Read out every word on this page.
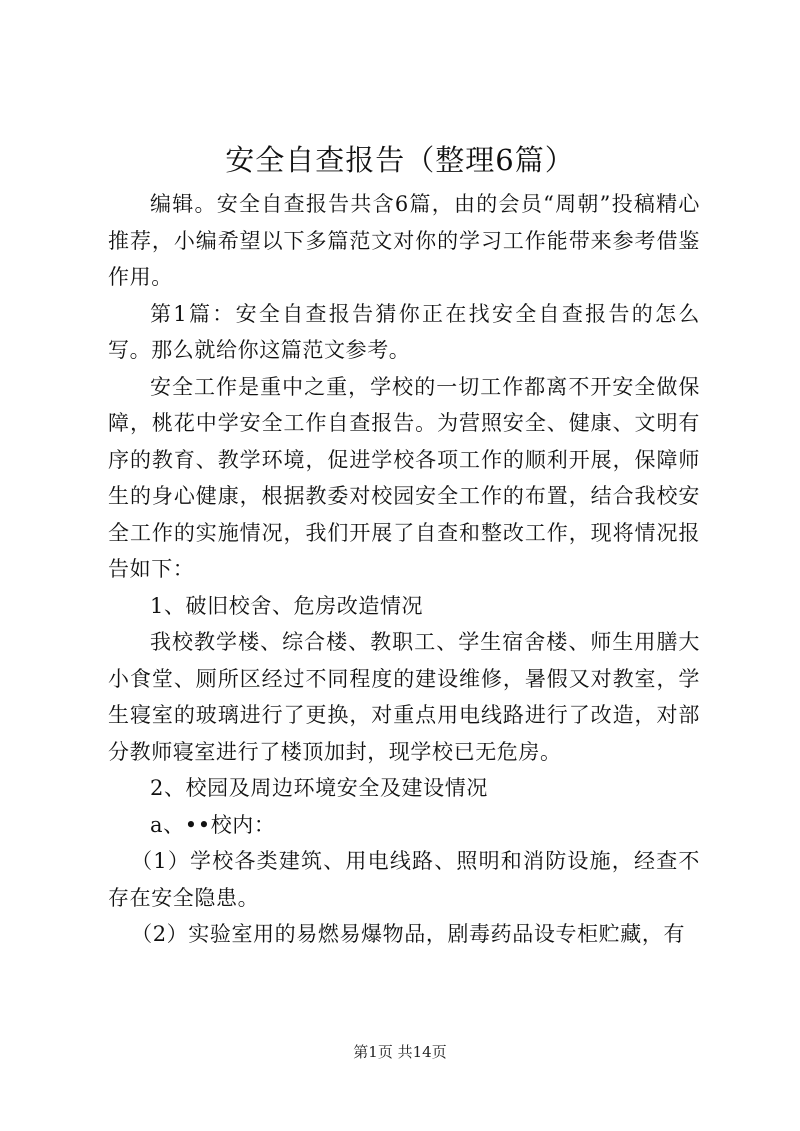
安全自查报告（整理6篇）

编辑。安全自查报告共含6篇，由的会员“周朝”投稿精心推荐，小编希望以下多篇范文对你的学习工作能带来参考借鉴作用。

第1篇：安全自查报告猜你正在找安全自查报告的怎么写。那么就给你这篇范文参考。

安全工作是重中之重，学校的一切工作都离不开安全做保障，桃花中学安全工作自查报告。为营照安全、健康、文明有序的教育、教学环境，促进学校各项工作的顺利开展，保障师生的身心健康，根据教委对校园安全工作的布置，结合我校安全工作的实施情况，我们开展了自查和整改工作，现将情况报告如下：

1、破旧校舍、危房改造情况

我校教学楼、综合楼、教职工、学生宿舍楼、师生用膳大小食堂、厕所区经过不同程度的建设维修，暑假又对教室，学生寝室的玻璃进行了更换，对重点用电线路进行了改造，对部分教师寝室进行了楼顶加封，现学校已无危房。

2、校园及周边环境安全及建设情况

a、••校内：

（1）学校各类建筑、用电线路、照明和消防设施，经查不存在安全隐患。

（2）实验室用的易燃易爆物品，剧毒药品设专柜贮藏，有

第1页 共14页
